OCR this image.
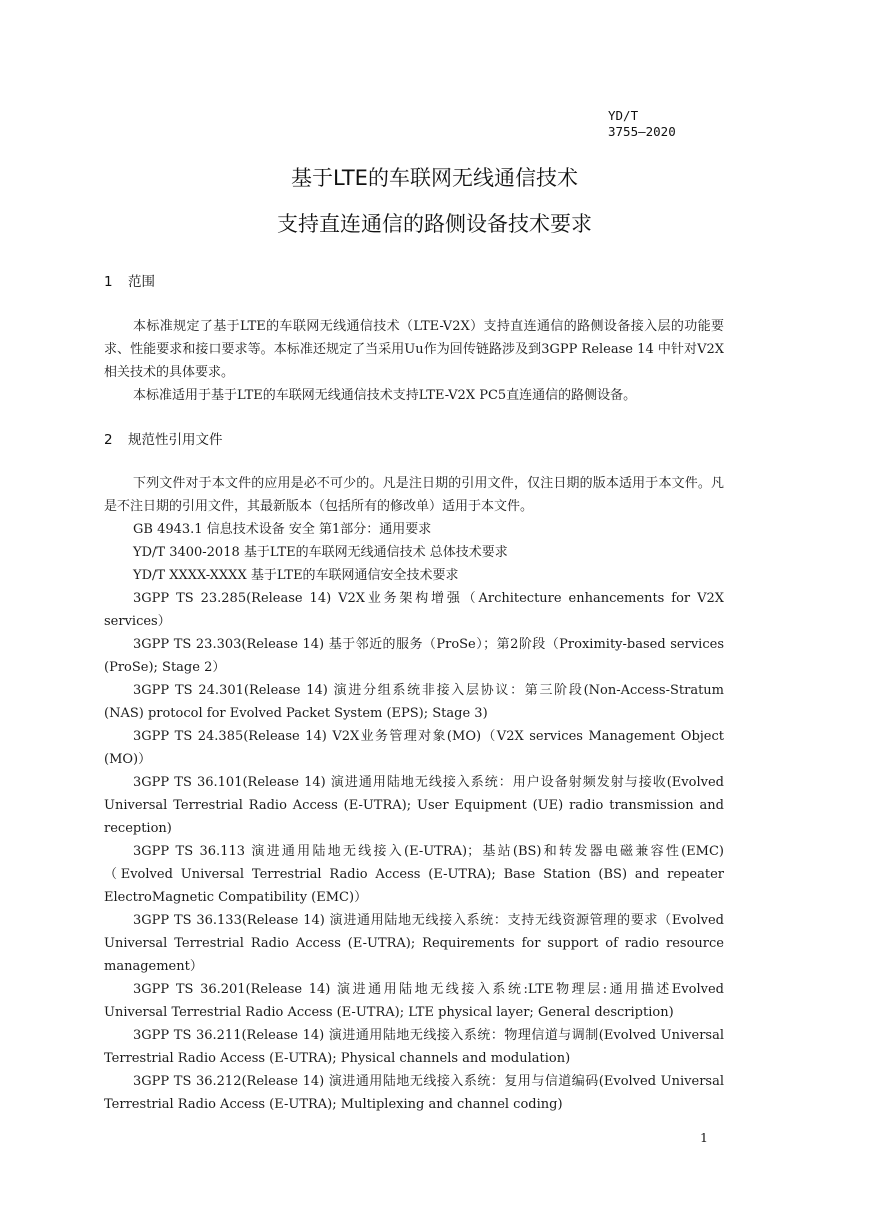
YD/T
3755—2020
基于LTE的车联网无线通信技术
支持直连通信的路侧设备技术要求
1 范围

本标准规定了基于LTE的车联网无线通信技术（LTE-V2X）支持直连通信的路侧设备接入层的功能要求、性能要求和接口要求等。本标准还规定了当采用Uu作为回传链路涉及到3GPP Release 14 中针对V2X相关技术的具体要求。

本标准适用于基于LTE的车联网无线通信技术支持LTE-V2X PC5直连通信的路侧设备。

2 规范性引用文件

下列文件对于本文件的应用是必不可少的。凡是注日期的引用文件，仅注日期的版本适用于本文件。凡是不注日期的引用文件，其最新版本（包括所有的修改单）适用于本文件。

GB 4943.1 信息技术设备 安全 第1部分：通用要求

YD/T 3400-2018 基于LTE的车联网无线通信技术 总体技术要求

YD/T XXXX-XXXX 基于LTE的车联网通信安全技术要求

3GPP TS 23.285(Release 14) V2X业务架构增强（Architecture enhancements for V2X services）

3GPP TS 23.303(Release 14) 基于邻近的服务（ProSe）；第2阶段（Proximity-based services (ProSe); Stage 2）

3GPP TS 24.301(Release 14) 演进分组系统非接入层协议：第三阶段(Non-Access-Stratum (NAS) protocol for Evolved Packet System (EPS); Stage 3)

3GPP TS 24.385(Release 14) V2X业务管理对象(MO)（V2X services Management Object (MO)）

3GPP TS 36.101(Release 14) 演进通用陆地无线接入系统：用户设备射频发射与接收(Evolved Universal Terrestrial Radio Access (E-UTRA); User Equipment (UE) radio transmission and reception)

3GPP TS 36.113 演进通用陆地无线接入(E-UTRA)；基站(BS)和转发器电磁兼容性(EMC)（Evolved Universal Terrestrial Radio Access (E-UTRA); Base Station (BS) and repeater ElectroMagnetic Compatibility (EMC)）

3GPP TS 36.133(Release 14) 演进通用陆地无线接入系统：支持无线资源管理的要求（Evolved Universal Terrestrial Radio Access (E-UTRA); Requirements for support of radio resource management）

3GPP TS 36.201(Release 14) 演进通用陆地无线接入系统:LTE物理层:通用描述Evolved Universal Terrestrial Radio Access (E-UTRA); LTE physical layer; General description)

3GPP TS 36.211(Release 14) 演进通用陆地无线接入系统：物理信道与调制(Evolved Universal Terrestrial Radio Access (E-UTRA); Physical channels and modulation)

3GPP TS 36.212(Release 14) 演进通用陆地无线接入系统：复用与信道编码(Evolved Universal Terrestrial Radio Access (E-UTRA); Multiplexing and channel coding)

1
